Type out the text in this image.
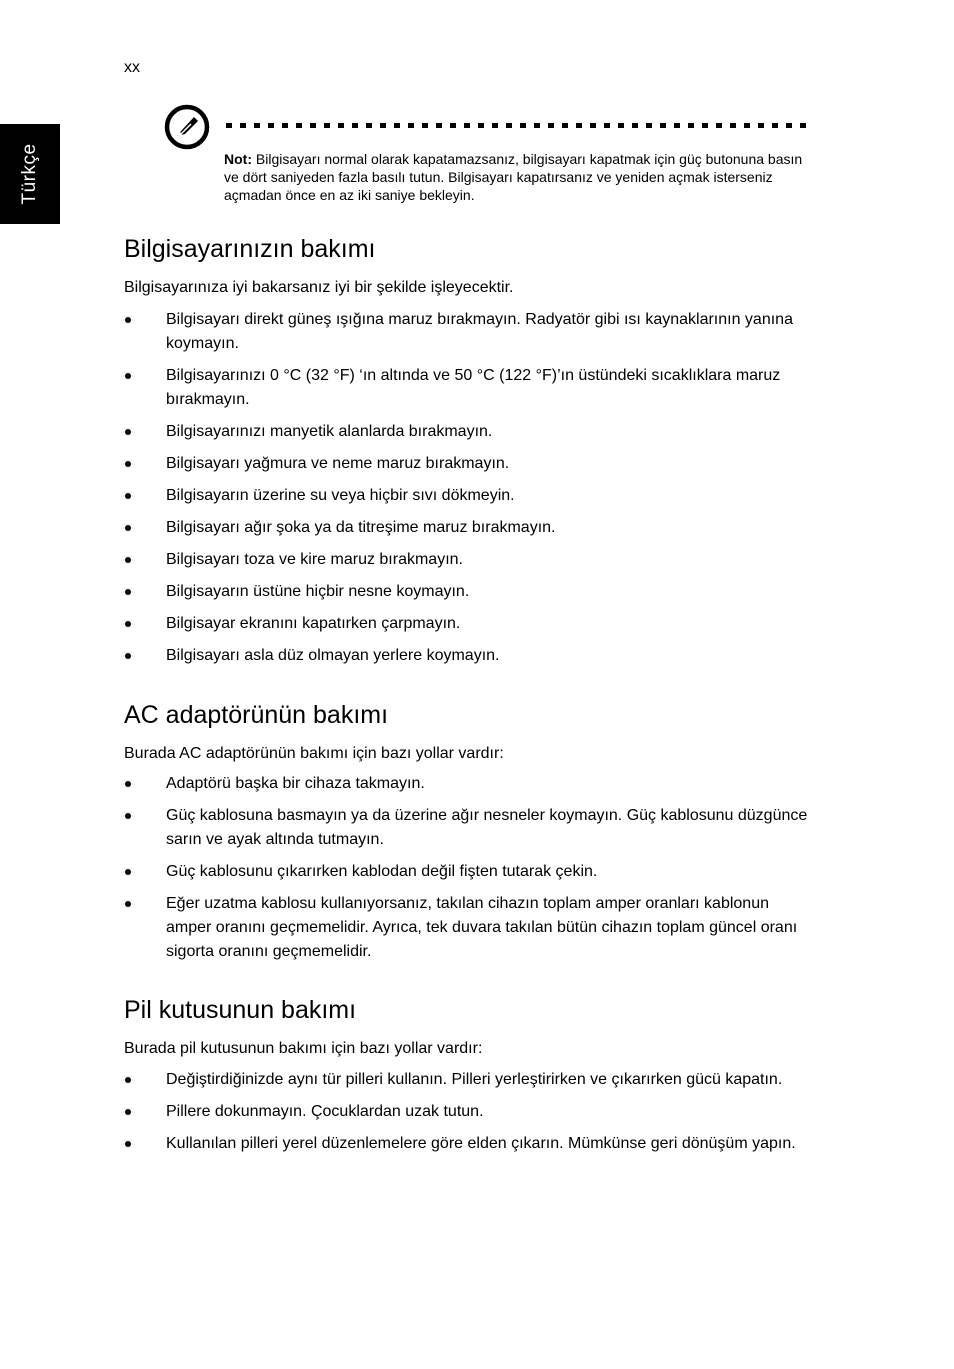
xx
Türkçe	Not: Bilgisayarı normal olarak kapatamazsanız, bilgisayarı kapatmak için güç butonuna basın ve dört saniyeden fazla basılı tutun. Bilgisayarı kapatırsanız ve yeniden açmak isterseniz açmadan önce en az iki saniye bekleyin.
Bilgisayarınızın bakımı

Bilgisayarınıza iyi bakarsanız iyi bir şekilde işleyecektir.

Bilgisayarı direkt güneş ışığına maruz bırakmayın. Radyatör gibi ısı kaynaklarının yanına koymayın.
Bilgisayarınızı 0 °C (32 °F) ‘ın altında ve 50 °C (122 °F)’ın üstündeki sıcaklıklara maruz bırakmayın.
Bilgisayarınızı manyetik alanlarda bırakmayın.
Bilgisayarı yağmura ve neme maruz bırakmayın.
Bilgisayarın üzerine su veya hiçbir sıvı dökmeyin.
Bilgisayarı ağır şoka ya da titreşime maruz bırakmayın.
Bilgisayarı toza ve kire maruz bırakmayın.
Bilgisayarın üstüne hiçbir nesne koymayın.
Bilgisayar ekranını kapatırken çarpmayın.
Bilgisayarı asla düz olmayan yerlere koymayın.
AC adaptörünün bakımı

Burada AC adaptörünün bakımı için bazı yollar vardır:

Adaptörü başka bir cihaza takmayın.
Güç kablosuna basmayın ya da üzerine ağır nesneler koymayın. Güç kablosunu düzgünce sarın ve ayak altında tutmayın.
Güç kablosunu çıkarırken kablodan değil fişten tutarak çekin.
Eğer uzatma kablosu kullanıyorsanız, takılan cihazın toplam amper oranları kablonun amper oranını geçmemelidir. Ayrıca, tek duvara takılan bütün cihazın toplam güncel oranı sigorta oranını geçmemelidir.
Pil kutusunun bakımı

Burada pil kutusunun bakımı için bazı yollar vardır:

Değiştirdiğinizde aynı tür pilleri kullanın. Pilleri yerleştirirken ve çıkarırken gücü kapatın.
Pillere dokunmayın. Çocuklardan uzak tutun.
Kullanılan pilleri yerel düzenlemelere göre elden çıkarın. Mümkünse geri dönüşüm yapın.
